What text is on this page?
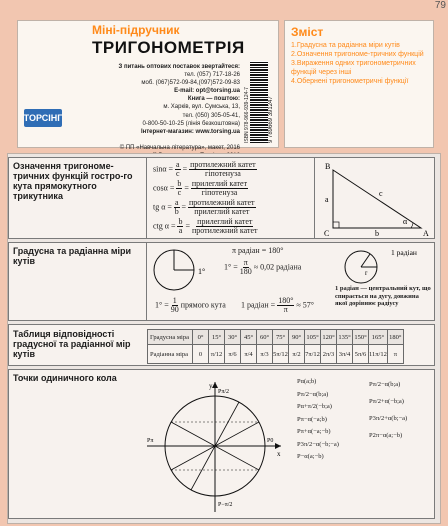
79
Міні-підручник
ТРИГОНОМЕТРІЯ
ТОРСІНГ
З питань оптових поставок звертайтеся:
тел. (057) 717-18-26
моб. (067)572-09-84,(097)572-09-83
E-mail: opt@torsing.ua
Книга — поштою:
м. Харків, вул. Сумська, 13,
тел. (050) 305-05-41,
0-800-50-10-25 (лінія безкоштовна)
Інтернет-магазин: www.torsing.ua

© ПП «Навчальна література», макет, 2016
ISBN 978-966-939-124-7	9 789669 391247
Зміст
1.Градусна та радіанна міри кутів
2.Означення тригономе-тричних функцій
3.Вираження одних тригонометричних функцій через інші
4.Обернені тригонометричні функції
Означення тригономе-тричних функцій гостро-го кута прямокутного трикутника
$\sin\alpha = \frac{a}{c} = \frac{\text{протилежний катет}}{\text{гіпотенуза}}$
$\cos\alpha = \frac{b}{c} = \frac{\text{прилеглий катет}}{\text{гіпотенуза}}$
tg $\alpha = \frac{a}{b} = \frac{\text{протилежний катет}}{\text{прилеглий катет}}$
ctg $\alpha = \frac{b}{a} = \frac{\text{прилеглий катет}}{\text{протилежний катет}}$
B
C	A
α
a
b
c
Градусна та радіанна міри кутів
1°
π радіан = 180°
$1^\circ = \frac{\pi}{180} \approx 0,02$ радіана
$1^\circ = \frac{1}{90}$ прямого кута 1 радіан = $\frac{180^\circ}{\pi} \approx 57^\circ$
r
1 радіан
1 радіан — центральний кут, що спирається на дугу, довжина якої дорівнює радіусу
Таблиця відповідності градусної та радіанної мір кутів
Градусна міра	0°	15°	30°	45°	60°	75°	90°	105°	120°	135°	150°	165°	180°
Радіанна міра	0	π/12	π/6	π/4	π/3	5π/12	π/2	7π/12	2π/3	3π/4	5π/6	11π/12	π
Точки одиничного кола
y
x
P0
Pπ/2
Pπ
P−π/2
Pα(a;b)
Pπ/2−α(b;a)
Pα+π/2(−b;a)
Pπ−α(−a;b)
Pπ+α(−a;−b)
P3π/2−α(−b;−a)
P−α(a;−b)
Pπ/2−α(b;a)
Pπ/2+α(−b;a)
P3π/2+α(b;−a)
P2π−α(a;−b)
